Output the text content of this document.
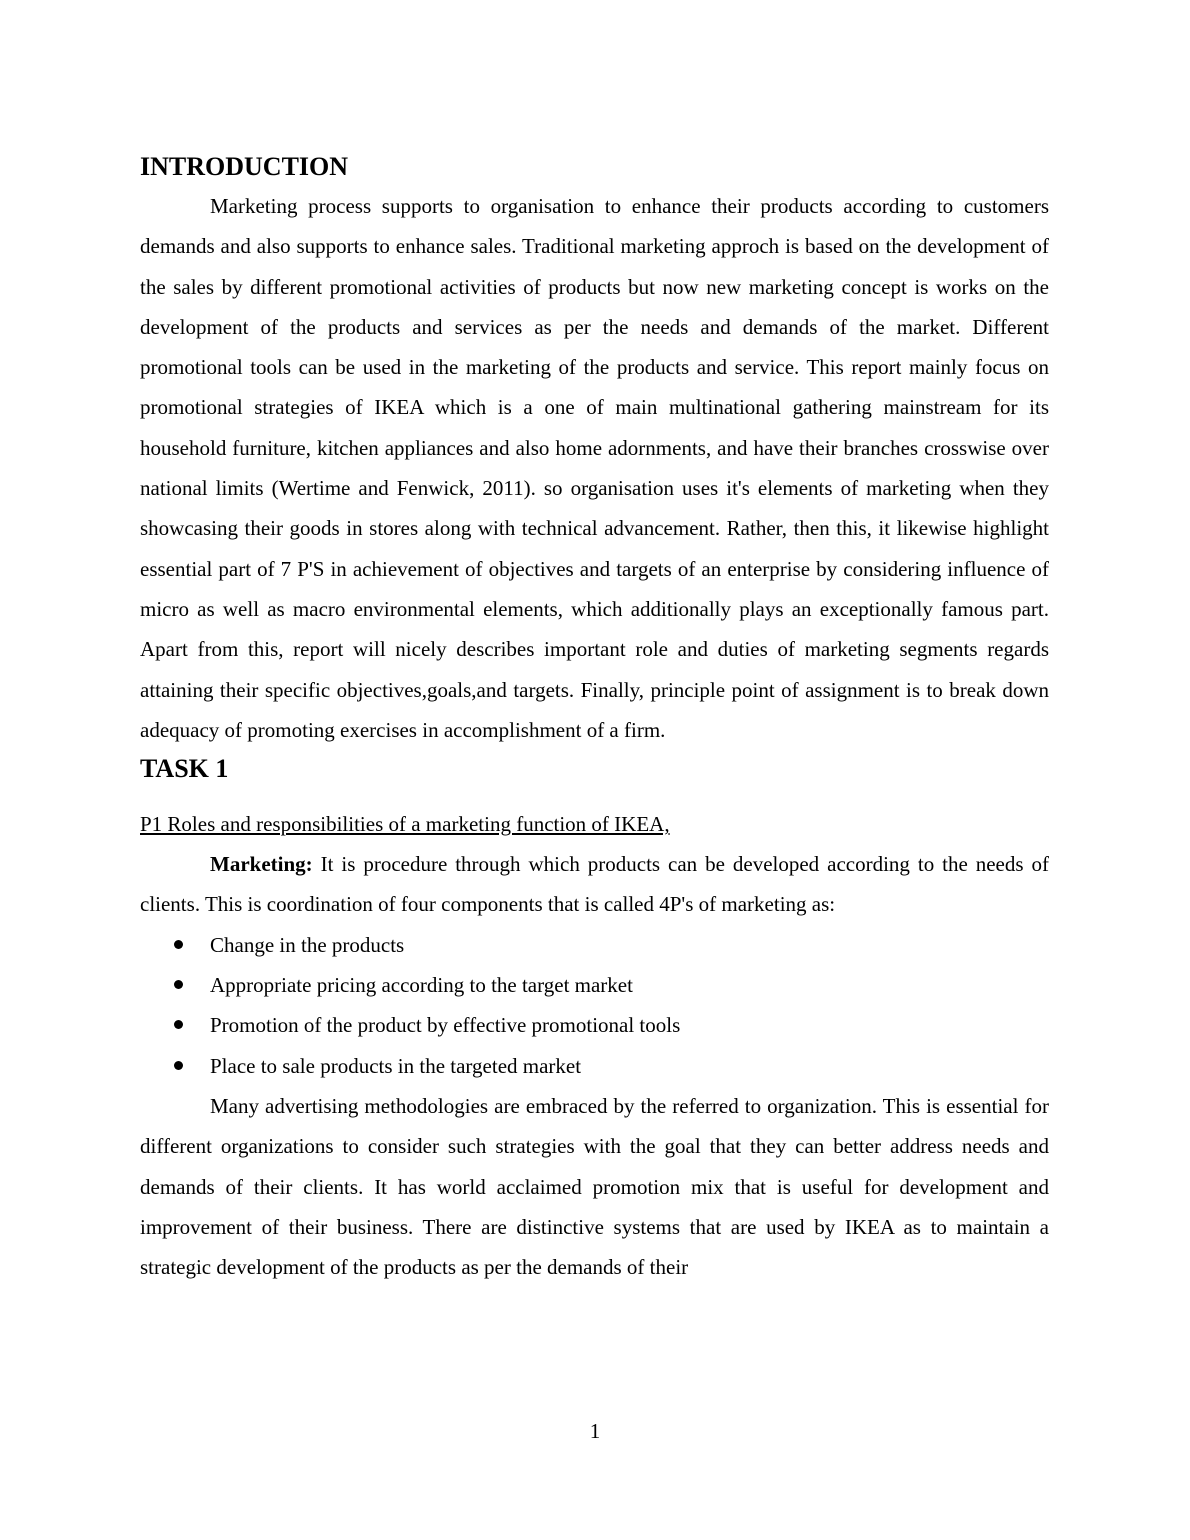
INTRODUCTION

Marketing process supports to organisation to enhance their products according to customers demands and also supports to enhance sales. Traditional marketing approch is based on the development of the sales by different promotional activities of products but now new marketing concept is works on the development of the products and services as per the needs and demands of the market. Different promotional tools can be used in the marketing of the products and service. This report mainly focus on promotional strategies of IKEA which is a one of main multinational gathering mainstream for its household furniture, kitchen appliances and also home adornments, and have their branches crosswise over national limits (Wertime and Fenwick, 2011). so organisation uses it's elements of marketing when they showcasing their goods in stores along with technical advancement. Rather, then this, it likewise highlight essential part of 7 P'S in achievement of objectives and targets of an enterprise by considering influence of micro as well as macro environmental elements, which additionally plays an exceptionally famous part. Apart from this, report will nicely describes important role and duties of marketing segments regards attaining their specific objectives,goals,and targets. Finally, principle point of assignment is to break down adequacy of promoting exercises in accomplishment of a firm.

TASK 1

P1 Roles and responsibilities of a marketing function of IKEA,

Marketing: It is procedure through which products can be developed according to the needs of clients. This is coordination of four components that is called 4P's of marketing as:

Change in the products
Appropriate pricing according to the target market
Promotion of the product by effective promotional tools
Place to sale products in the targeted market

Many advertising methodologies are embraced by the referred to organization. This is essential for different organizations to consider such strategies with the goal that they can better address needs and demands of their clients. It has world acclaimed promotion mix that is useful for development and improvement of their business. There are distinctive systems that are used by IKEA as to maintain a strategic development of the products as per the demands of their

1
